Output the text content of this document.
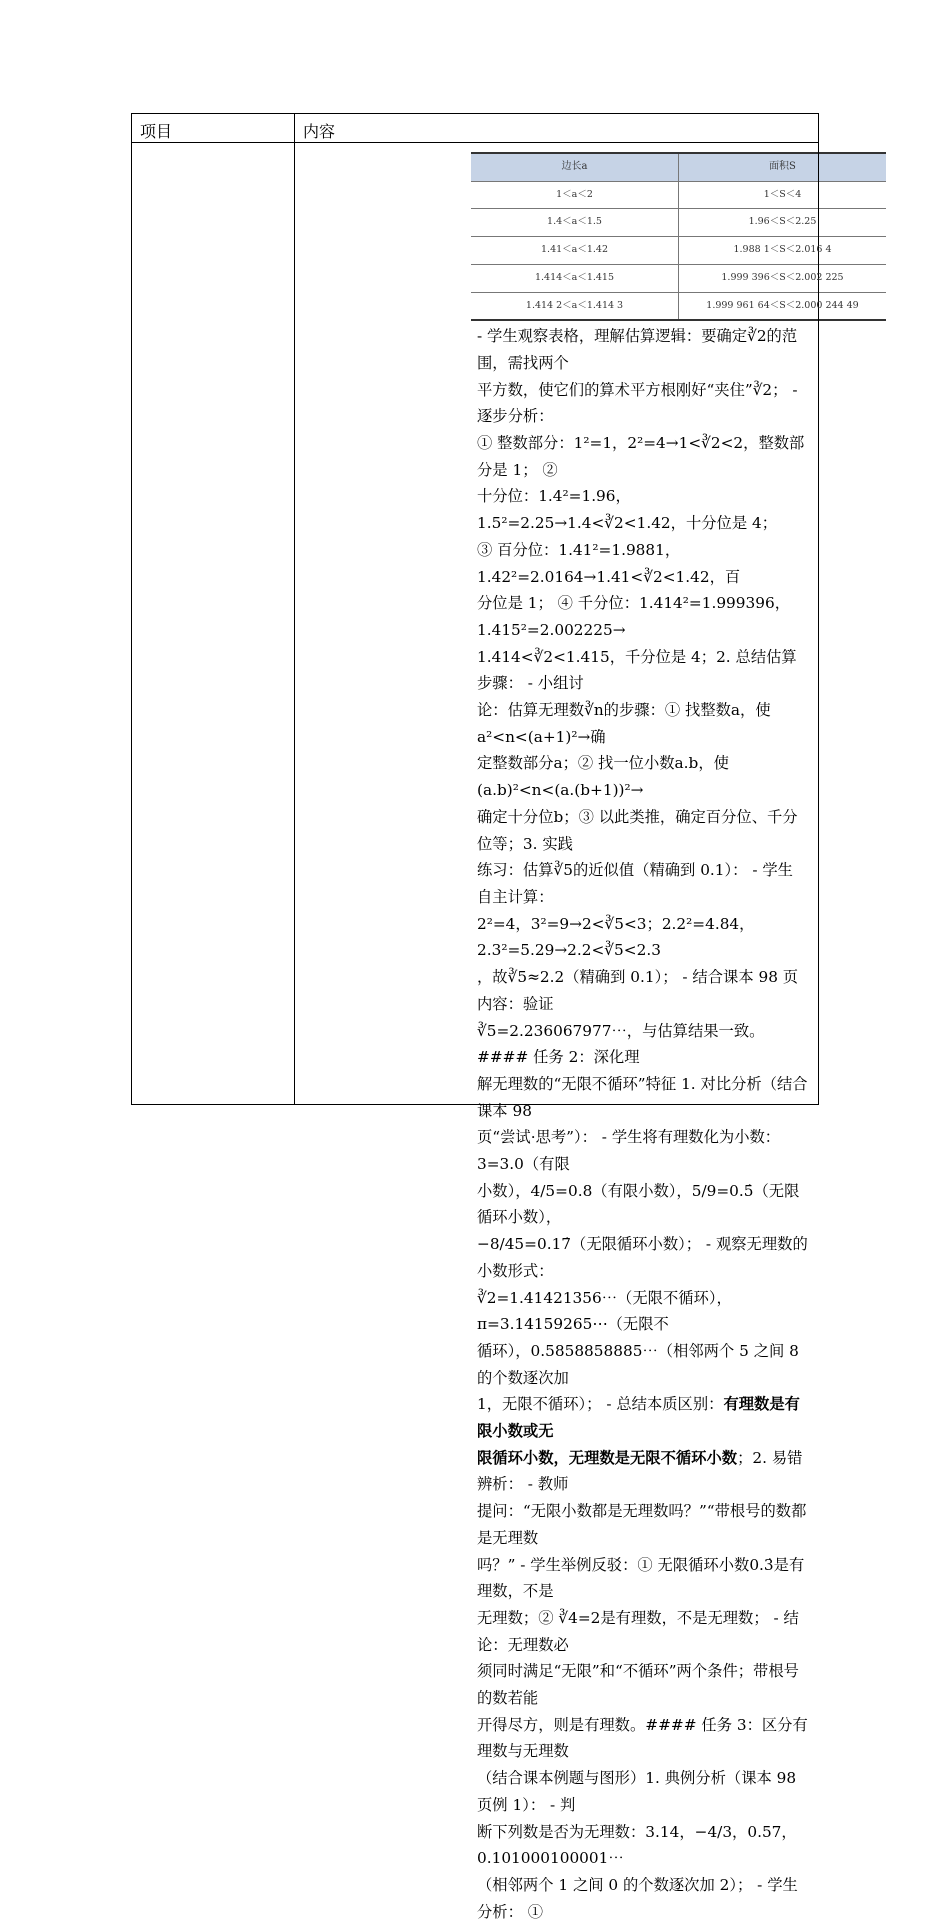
项目	内容

边长a	面积S
1＜a＜2	1＜S＜4
1.4＜a＜1.5	1.96＜S＜2.25
1.41＜a＜1.42	1.988 1＜S＜2.016 4
1.414＜a＜1.415	1.999 396＜S＜2.002 225
1.414 2＜a＜1.414 3	1.999 961 64＜S＜2.000 244 49

- 学生观察表格，理解估算逻辑：要确定∛2的范围，需找两个

平方数，使它们的算术平方根刚好“夹住”∛2； - 逐步分析：

① 整数部分：1²=1，2²=4→1<∛2<2，整数部分是 1； ②

十分位：1.4²=1.96，1.5²=2.25→1.4<∛2<1.42，十分位是 4；

③ 百分位：1.41²=1.9881，1.42²=2.0164→1.41<∛2<1.42，百

分位是 1； ④ 千分位：1.414²=1.999396，1.415²=2.002225→

1.414<∛2<1.415，千分位是 4；2. 总结估算步骤： - 小组讨

论：估算无理数∛n的步骤：① 找整数a，使a²<n<(a+1)²→确

定整数部分a；② 找一位小数a.b，使(a.b)²<n<(a.(b+1))²→

确定十分位b；③ 以此类推，确定百分位、千分位等；3. 实践

练习：估算∛5的近似值（精确到 0.1）： - 学生自主计算：

2²=4，3²=9→2<∛5<3；2.2²=4.84，2.3²=5.29→2.2<∛5<2.3

，故∛5≈2.2（精确到 0.1）； - 结合课本 98 页内容：验证

∛5=2.236067977⋯，与估算结果一致。#### 任务 2：深化理

解无理数的“无限不循环”特征 1. 对比分析（结合课本 98

页“尝试·思考”）： - 学生将有理数化为小数：3=3.0（有限

小数），4/5=0.8（有限小数），5/9=0.5̇（无限循环小数），

−8/45=0.17̇（无限循环小数）； - 观察无理数的小数形式：

∛2=1.41421356⋯（无限不循环），π=3.14159265⋯（无限不

循环），0.5858858885⋯（相邻两个 5 之间 8 的个数逐次加

1，无限不循环）； - 总结本质区别：有理数是有限小数或无

限循环小数，无理数是无限不循环小数；2. 易错辨析： - 教师

提问：“无限小数都是无理数吗？”“带根号的数都是无理数

吗？” - 学生举例反驳：① 无限循环小数0.3̇是有理数，不是

无理数；② ∛4=2是有理数，不是无理数； - 结论：无理数必

须同时满足“无限”和“不循环”两个条件；带根号的数若能

开得尽方，则是有理数。#### 任务 3：区分有理数与无理数

（结合课本例题与图形）1. 典例分析（课本 98 页例 1）： - 判

断下列数是否为无理数：3.14，−4/3，0.57，0.101000100001⋯

（相邻两个 1 之间 0 的个数逐次加 2）； - 学生分析： ①
